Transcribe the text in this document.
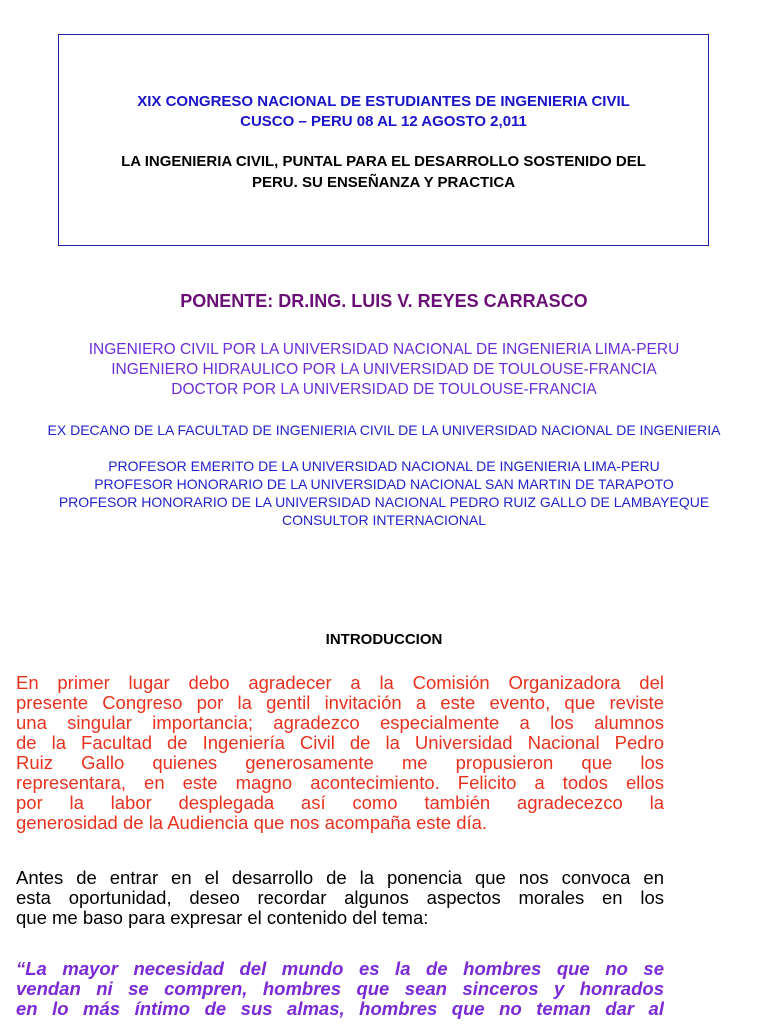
XIX CONGRESO NACIONAL DE ESTUDIANTES DE INGENIERIA CIVIL
CUSCO – PERU 08 AL 12 AGOSTO 2,011
LA INGENIERIA CIVIL, PUNTAL PARA EL DESARROLLO SOSTENIDO DEL
PERU. SU ENSEÑANZA Y PRACTICA
PONENTE: DR.ING. LUIS V. REYES CARRASCO
INGENIERO CIVIL POR LA UNIVERSIDAD NACIONAL DE INGENIERIA LIMA-PERU
INGENIERO HIDRAULICO POR LA UNIVERSIDAD DE TOULOUSE-FRANCIA
DOCTOR POR LA UNIVERSIDAD DE TOULOUSE-FRANCIA
EX DECANO DE LA FACULTAD DE INGENIERIA CIVIL DE LA UNIVERSIDAD NACIONAL DE INGENIERIA
PROFESOR EMERITO DE LA UNIVERSIDAD NACIONAL DE INGENIERIA LIMA-PERU
PROFESOR HONORARIO DE LA UNIVERSIDAD NACIONAL SAN MARTIN DE TARAPOTO
PROFESOR HONORARIO DE LA UNIVERSIDAD NACIONAL PEDRO RUIZ GALLO DE LAMBAYEQUE
CONSULTOR INTERNACIONAL
INTRODUCCION
En primer lugar debo agradecer a la Comisión Organizadora del
presente Congreso por la gentil invitación a este evento, que reviste
una singular importancia; agradezco especialmente a los alumnos
de la Facultad de Ingeniería Civil de la Universidad Nacional Pedro
Ruiz Gallo quienes generosamente me propusieron que los
representara, en este magno acontecimiento. Felicito a todos ellos
por la labor desplegada así como también agradecezco la
generosidad de la Audiencia que nos acompaña este día.
Antes de entrar en el desarrollo de la ponencia que nos convoca en
esta oportunidad, deseo recordar algunos aspectos morales en los
que me baso para expresar el contenido del tema:
“La mayor necesidad del mundo es la de hombres que no se
vendan ni se compren, hombres que sean sinceros y honrados
en lo más íntimo de sus almas, hombres que no teman dar al
